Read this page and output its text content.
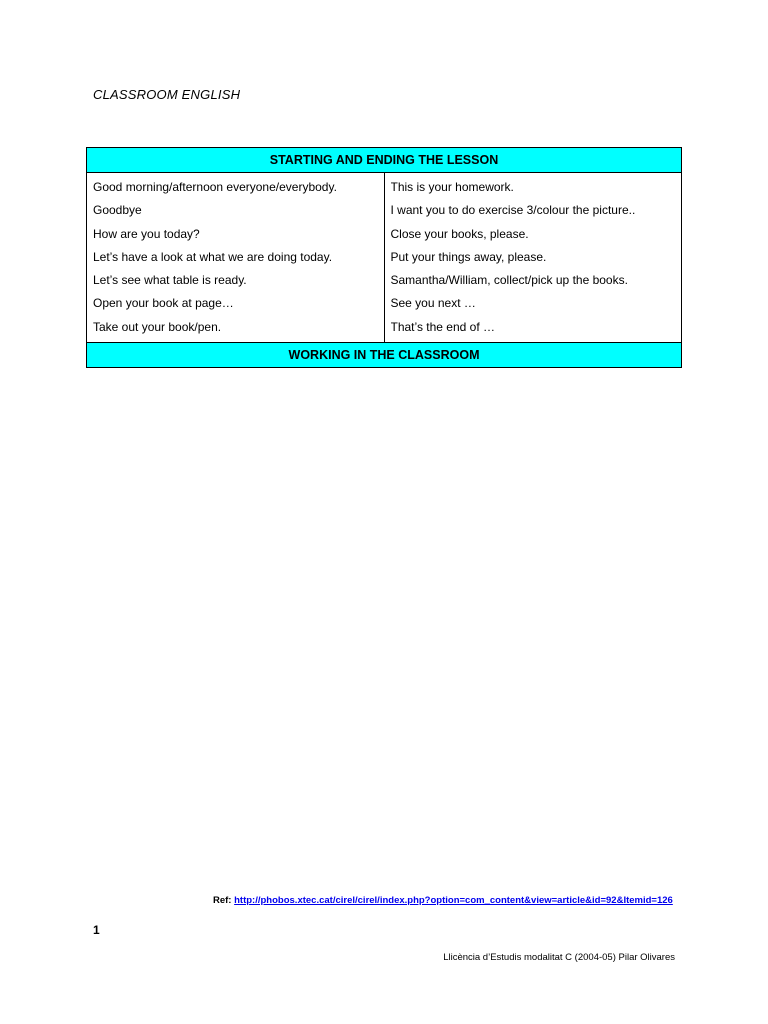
CLASSROOM ENGLISH
STARTING AND ENDING THE LESSON

Good morning/afternoon everyone/everybody.
Goodbye
How are you today?
Let’s have a look at what we are doing today.
Let’s see what table is ready.
Open your book at page…
Take out your book/pen.

This is your homework.
I want you to do exercise 3/colour the picture..
Close your books, please.
Put your things away, please.
Samantha/William, collect/pick up the books.
See you next …
That’s the end of …

WORKING IN THE CLASSROOM
Ref: http://phobos.xtec.cat/cirel/cirel/index.php?option=com_content&view=article&id=92&Itemid=126
1
Llicència d’Estudis modalitat C (2004-05) Pilar Olivares
